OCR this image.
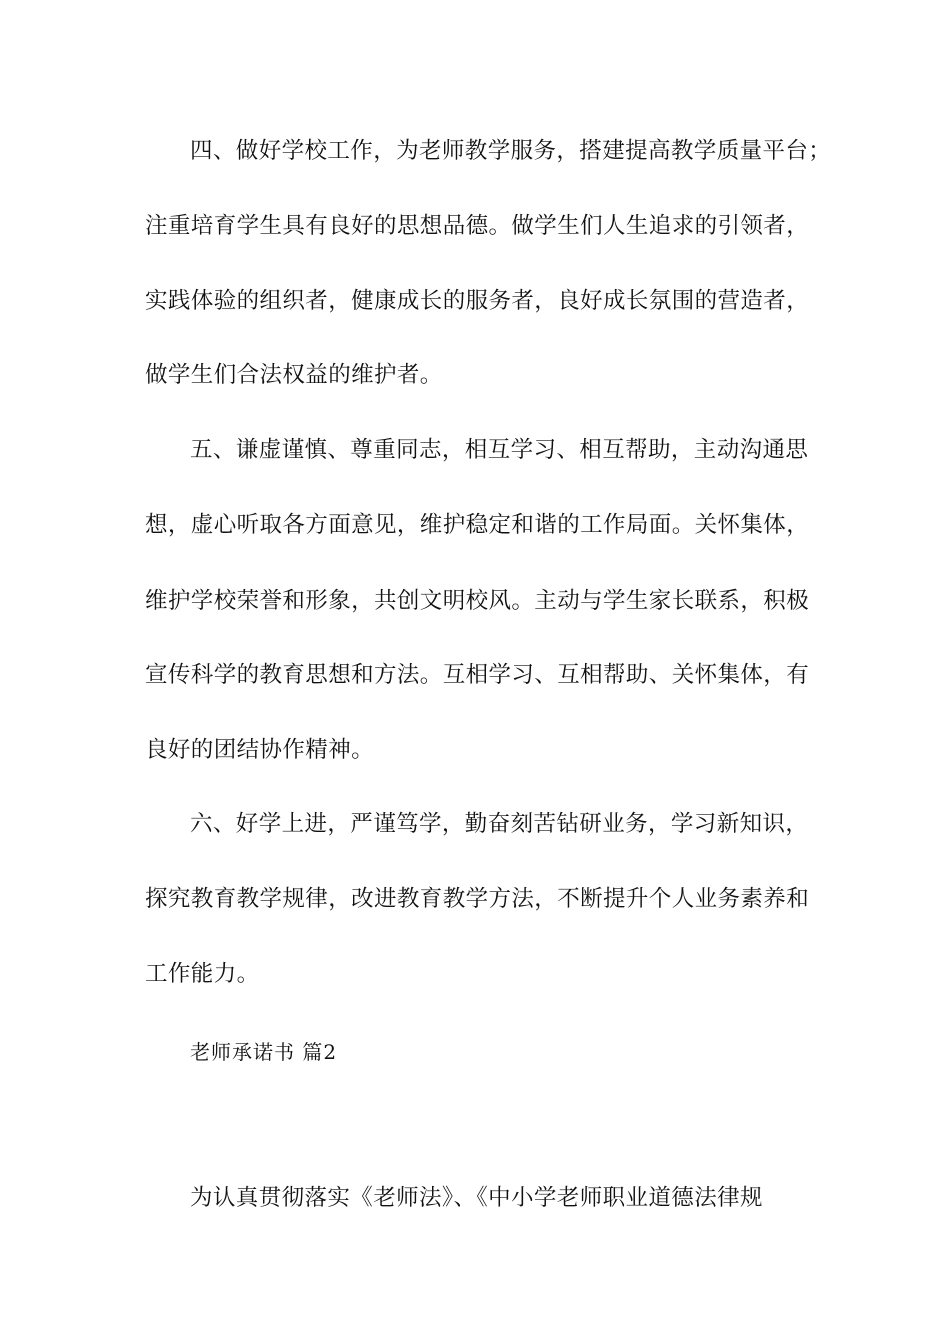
四、做好学校工作，为老师教学服务，搭建提高教学质量平台；
注重培育学生具有良好的思想品德。做学生们人生追求的引领者，
实践体验的组织者，健康成长的服务者，良好成长氛围的营造者，
做学生们合法权益的维护者。
五、谦虚谨慎、尊重同志，相互学习、相互帮助，主动沟通思
想，虚心听取各方面意见，维护稳定和谐的工作局面。关怀集体，
维护学校荣誉和形象，共创文明校风。主动与学生家长联系，积极
宣传科学的教育思想和方法。互相学习、互相帮助、关怀集体，有
良好的团结协作精神。
六、好学上进，严谨笃学，勤奋刻苦钻研业务，学习新知识，
探究教育教学规律，改进教育教学方法，不断提升个人业务素养和
工作能力。
老师承诺书 篇2
为认真贯彻落实《老师法》、《中小学老师职业道德法律规
